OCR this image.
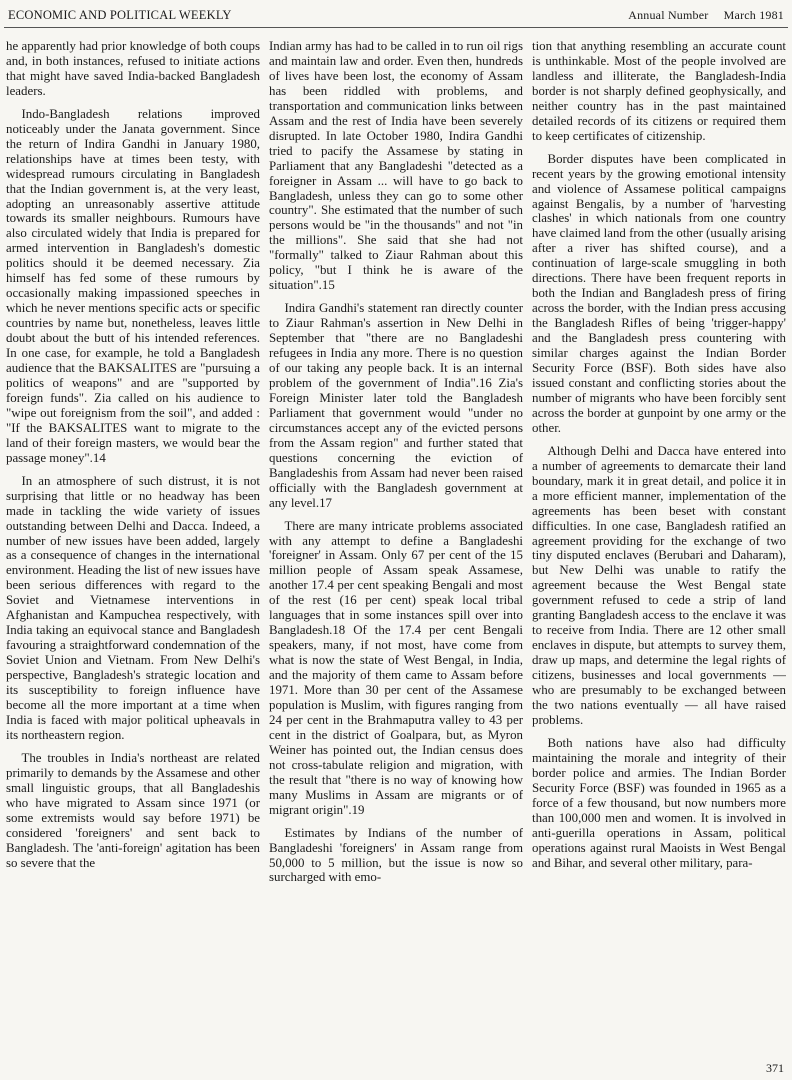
ECONOMIC AND POLITICAL WEEKLY	Annual Number March 1981

he apparently had prior knowledge of both coups and, in both instances, refused to initiate actions that might have saved India-backed Bangladesh leaders.

Indo-Bangladesh relations improved noticeably under the Janata government. Since the return of Indira Gandhi in January 1980, relationships have at times been testy, with widespread rumours circulating in Bangladesh that the Indian government is, at the very least, adopting an unreasonably assertive attitude towards its smaller neighbours. Rumours have also circulated widely that India is prepared for armed intervention in Bangladesh's domestic politics should it be deemed necessary. Zia himself has fed some of these rumours by occasionally making impassioned speeches in which he never mentions specific acts or specific countries by name but, nonetheless, leaves little doubt about the butt of his intended references. In one case, for example, he told a Bangladesh audience that the BAKSALITES are "pursuing a politics of weapons" and are "supported by foreign funds". Zia called on his audience to "wipe out foreignism from the soil", and added : "If the BAKSALITES want to migrate to the land of their foreign masters, we would bear the passage money".14

In an atmosphere of such distrust, it is not surprising that little or no headway has been made in tackling the wide variety of issues outstanding between Delhi and Dacca. Indeed, a number of new issues have been added, largely as a consequence of changes in the international environment. Heading the list of new issues have been serious differences with regard to the Soviet and Vietnamese interventions in Afghanistan and Kampuchea respectively, with India taking an equivocal stance and Bangladesh favouring a straightforward condemnation of the Soviet Union and Vietnam. From New Delhi's perspective, Bangladesh's strategic location and its susceptibility to foreign influence have become all the more important at a time when India is faced with major political upheavals in its northeastern region.

The troubles in India's northeast are related primarily to demands by the Assamese and other small linguistic groups, that all Bangladeshis who have migrated to Assam since 1971 (or some extremists would say before 1971) be considered 'foreigners' and sent back to Bangladesh. The 'anti-foreign' agitation has been so severe that the

Indian army has had to be called in to run oil rigs and maintain law and order. Even then, hundreds of lives have been lost, the economy of Assam has been riddled with problems, and transportation and communication links between Assam and the rest of India have been severely disrupted. In late October 1980, Indira Gandhi tried to pacify the Assamese by stating in Parliament that any Bangladeshi "detected as a foreigner in Assam ... will have to go back to Bangladesh, unless they can go to some other country". She estimated that the number of such persons would be "in the thousands" and not "in the millions". She said that she had not "formally" talked to Ziaur Rahman about this policy, "but I think he is aware of the situation".15

Indira Gandhi's statement ran directly counter to Ziaur Rahman's assertion in New Delhi in September that "there are no Bangladeshi refugees in India any more. There is no question of our taking any people back. It is an internal problem of the government of India".16 Zia's Foreign Minister later told the Bangladesh Parliament that government would "under no circumstances accept any of the evicted persons from the Assam region" and further stated that questions concerning the eviction of Bangladeshis from Assam had never been raised officially with the Bangladesh government at any level.17

There are many intricate problems associated with any attempt to define a Bangladeshi 'foreigner' in Assam. Only 67 per cent of the 15 million people of Assam speak Assamese, another 17.4 per cent speaking Bengali and most of the rest (16 per cent) speak local tribal languages that in some instances spill over into Bangladesh.18 Of the 17.4 per cent Bengali speakers, many, if not most, have come from what is now the state of West Bengal, in India, and the majority of them came to Assam before 1971. More than 30 per cent of the Assamese population is Muslim, with figures ranging from 24 per cent in the Brahmaputra valley to 43 per cent in the district of Goalpara, but, as Myron Weiner has pointed out, the Indian census does not cross-tabulate religion and migration, with the result that "there is no way of knowing how many Muslims in Assam are migrants or of migrant origin".19

Estimates by Indians of the number of Bangladeshi 'foreigners' in Assam range from 50,000 to 5 million, but the issue is now so surcharged with emo-

tion that anything resembling an accurate count is unthinkable. Most of the people involved are landless and illiterate, the Bangladesh-India border is not sharply defined geophysically, and neither country has in the past maintained detailed records of its citizens or required them to keep certificates of citizenship.

Border disputes have been complicated in recent years by the growing emotional intensity and violence of Assamese political campaigns against Bengalis, by a number of 'harvesting clashes' in which nationals from one country have claimed land from the other (usually arising after a river has shifted course), and a continuation of large-scale smuggling in both directions. There have been frequent reports in both the Indian and Bangladesh press of firing across the border, with the Indian press accusing the Bangladesh Rifles of being 'trigger-happy' and the Bangladesh press countering with similar charges against the Indian Border Security Force (BSF). Both sides have also issued constant and conflicting stories about the number of migrants who have been forcibly sent across the border at gunpoint by one army or the other.

Although Delhi and Dacca have entered into a number of agreements to demarcate their land boundary, mark it in great detail, and police it in a more efficient manner, implementation of the agreements has been beset with constant difficulties. In one case, Bangladesh ratified an agreement providing for the exchange of two tiny disputed enclaves (Berubari and Daharam), but New Delhi was unable to ratify the agreement because the West Bengal state government refused to cede a strip of land granting Bangladesh access to the enclave it was to receive from India. There are 12 other small enclaves in dispute, but attempts to survey them, draw up maps, and determine the legal rights of citizens, businesses and local governments — who are presumably to be exchanged between the two nations eventually — all have raised problems.

Both nations have also had difficulty maintaining the morale and integrity of their border police and armies. The Indian Border Security Force (BSF) was founded in 1965 as a force of a few thousand, but now numbers more than 100,000 men and women. It is involved in anti-guerilla operations in Assam, political operations against rural Maoists in West Bengal and Bihar, and several other military, para-

371
